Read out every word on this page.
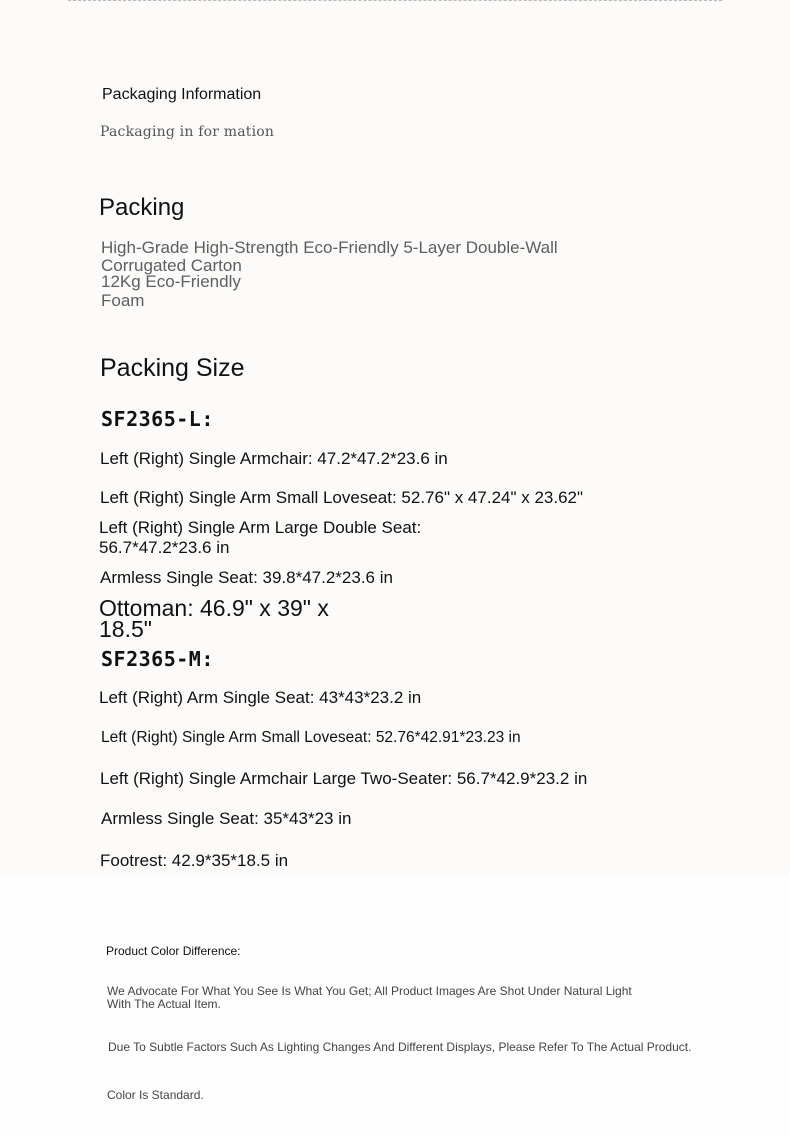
Packaging Information

Packaging in for mation

Packing

High-Grade High-Strength Eco-Friendly 5-Layer Double-Wall
Corrugated Carton
12Kg Eco-Friendly
Foam

Packing Size

SF2365-L:

Left (Right) Single Armchair: 47.2*47.2*23.6 in

Left (Right) Single Arm Small Loveseat: 52.76" x 47.24" x 23.62"

Left (Right) Single Arm Large Double Seat: 56.7*47.2*23.6 in

Armless Single Seat: 39.8*47.2*23.6 in

Ottoman: 46.9" x 39" x 18.5"

SF2365-M:

Left (Right) Arm Single Seat: 43*43*23.2 in

Left (Right) Single Arm Small Loveseat: 52.76*42.91*23.23 in

Left (Right) Single Armchair Large Two-Seater: 56.7*42.9*23.2 in

Armless Single Seat: 35*43*23 in

Footrest: 42.9*35*18.5 in

Product Color Difference:

We Advocate For What You See Is What You Get; All Product Images Are Shot Under Natural Light With The Actual Item.

Due To Subtle Factors Such As Lighting Changes And Different Displays, Please Refer To The Actual Product.

Color Is Standard.
